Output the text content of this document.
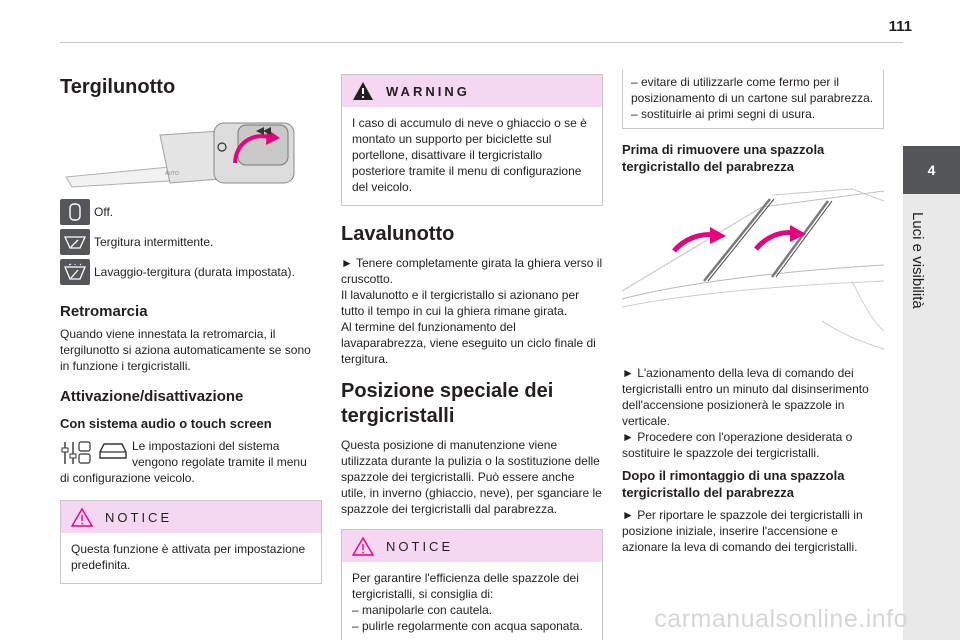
111
4
Luci e visibilità
Tergilunotto
AUTO

Off.

Tergitura intermittente.

Lavaggio-tergitura (durata impostata).

Retromarcia

Quando viene innestata la retromarcia, il tergilunotto si aziona automaticamente se sono in funzione i tergicristalli.

Attivazione/disattivazione
Con sistema audio o touch screen

Le impostazioni del sistema

vengono regolate tramite il menu

di configurazione veicolo.

NOTICE

Questa funzione è attivata per impostazione predefinita.

WARNING

I caso di accumulo di neve o ghiaccio o se è montato un supporto per biciclette sul portellone, disattivare il tergicristallo posteriore tramite il menu di configurazione del veicolo.

Lavalunotto

► Tenere completamente girata la ghiera verso il cruscotto.

Il lavalunotto e il tergicristallo si azionano per tutto il tempo in cui la ghiera rimane girata.

Al termine del funzionamento del lavaparabrezza, viene eseguito un ciclo finale di tergitura.

Posizione speciale dei
tergicristalli

Questa posizione di manutenzione viene utilizzata durante la pulizia o la sostituzione delle spazzole dei tergicristalli. Può essere anche utile, in inverno (ghiaccio, neve), per sganciare le spazzole dei tergicristalli dal parabrezza.

NOTICE

Per garantire l'efficienza delle spazzole dei tergicristalli, si consiglia di:

– manipolarle con cautela.

– pulirle regolarmente con acqua saponata.

– evitare di utilizzarle come fermo per il posizionamento di un cartone sul parabrezza.

– sostituirle ai primi segni di usura.

Prima di rimuovere una spazzola tergicristallo del parabrezza

► L'azionamento della leva di comando dei tergicristalli entro un minuto dal disinserimento dell'accensione posizionerà le spazzole in verticale.

► Procedere con l'operazione desiderata o sostituire le spazzole dei tergicristalli.

Dopo il rimontaggio di una spazzola tergicristallo del parabrezza

► Per riportare le spazzole dei tergicristalli in posizione iniziale, inserire l'accensione e azionare la leva di comando dei tergicristalli.

carmanualsonline.info
